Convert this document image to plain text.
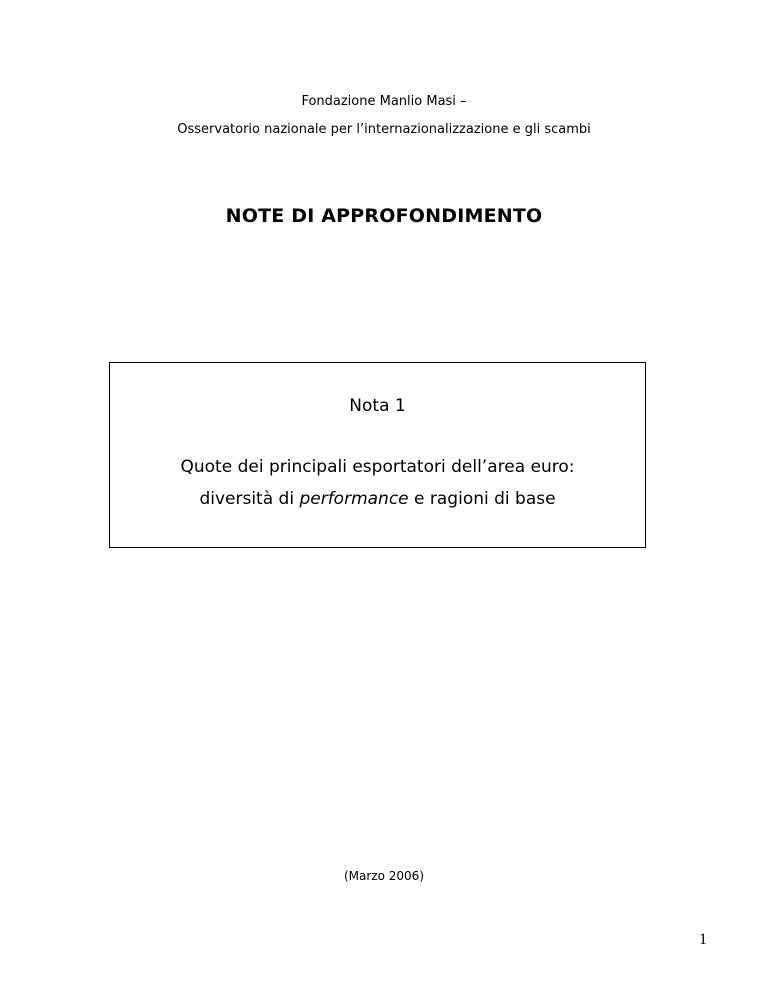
Fondazione Manlio Masi –
Osservatorio nazionale per l’internazionalizzazione e gli scambi
NOTE DI APPROFONDIMENTO
Nota 1
Quote dei principali esportatori dell’area euro:
diversità di performance e ragioni di base
(Marzo 2006)
1
